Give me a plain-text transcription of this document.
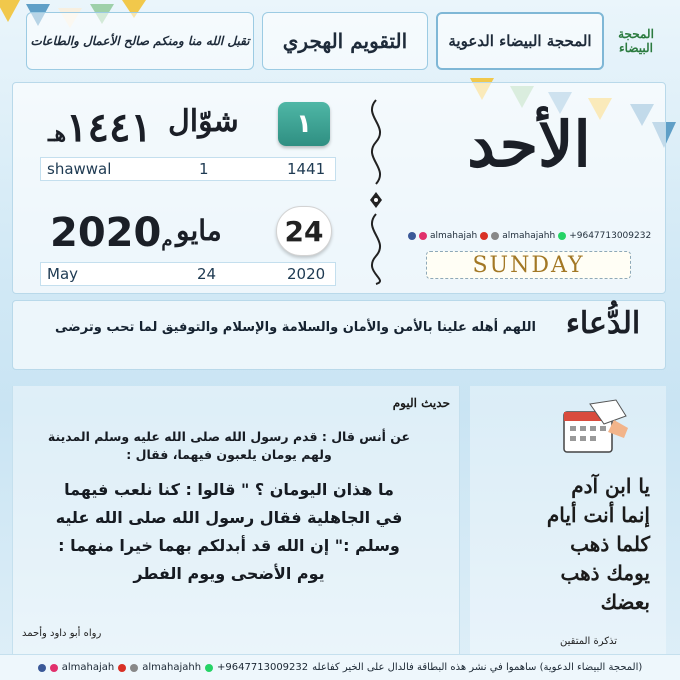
تقبل الله منا ومنكم صالح الأعمال والطاعات التقويم الهجري	المحجة البيضاء الدعوية	المحجة
البيضاء
١٤٤١هـ	شوّال	١
shawwal	1	1441
2020م مايو	24
May	24	2020
الأحد
almahajah	almahajahh +9647713009232
SUNDAY
اللهم أهله علينا بالأمن والأمان والسلامة والإسلام والتوفيق لما تحب وترضى الدُّعاء
حديث اليوم

عن أنس قال : قدم رسول الله صلى الله عليه وسلم المدينة

ولهم يومان يلعبون فيهما، فقال :

ما هذان اليومان ؟ " قالوا : كنا نلعب فيهما

في الجاهلية فقال رسول الله صلى الله عليه

وسلم :" إن الله قد أبدلكم بهما خيرا منهما :

يوم الأضحى ويوم الفطر

رواه أبو داود وأحمد
يا ابن آدم
إنما أنت أيام
كلما ذهب
يومك ذهب
بعضك
تذكرة المتقين
almahajah	almahajahh +9647713009232 (المحجة البيضاء الدعوية) ساهموا في نشر هذه البطاقة فالدال على الخير كفاعله
